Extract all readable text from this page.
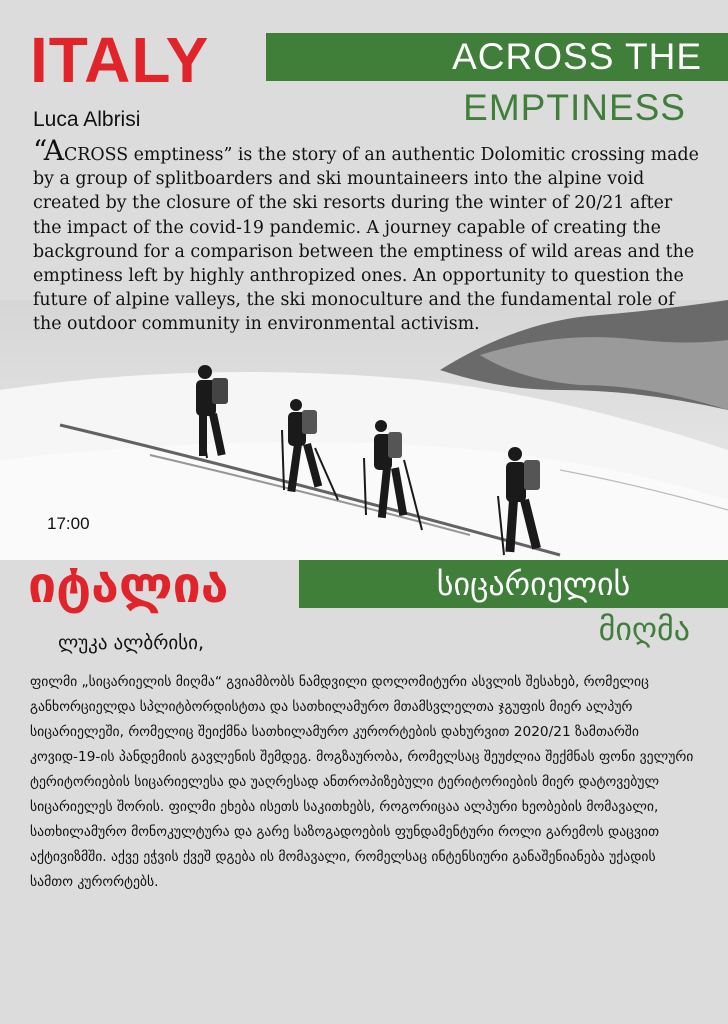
ITALY	ACROSS THE
EMPTINESS
Luca Albrisi
“ACROSS emptiness” is the story of an authentic Dolomitic crossing made by a group of splitboarders and ski mountaineers into the alpine void created by the closure of the ski resorts during the winter of 20/21 after the impact of the covid-19 pandemic. A journey capable of creating the background for a comparison between the emptiness of wild areas and the emptiness left by highly anthropized ones. An opportunity to question the future of alpine valleys, the ski monoculture and the fundamental role of the outdoor community in environmental activism.
17:00
იტალია	სიცარიელის
მიღმა
ლუკა ალბრისი,
ფილმი „სიცარიელის მიღმა“ გვიამბობს ნამდვილი დოლომიტური ასვლის შესახებ, რომელიც განხორციელდა სპლიტბორდისტთა და სათხილამურო მთამსვლელთა ჯგუფის მიერ ალპურ სიცარიელეში, რომელიც შეიქმნა სათხილამურო კურორტების დახურვით 2020/21 ზამთარში კოვიდ-19-ის პანდემიის გავლენის შემდეგ. მოგზაურობა, რომელსაც შეუძლია შექმნას ფონი ველური ტერიტორიების სიცარიელესა და უაღრესად ანთროპიზებული ტერიტორიების მიერ დატოვებულ სიცარიელეს შორის. ფილმი ეხება ისეთს საკითხებს, როგორიცაა ალპური ხეობების მომავალი, სათხილამურო მონოკულტურა და გარე საზოგადოების ფუნდამენტური როლი გარემოს დაცვით აქტივიზმში. აქვე ეჭვის ქვეშ დგება ის მომავალი, რომელსაც ინტენსიური განაშენიანება უქადის სამთო კურორტებს.
